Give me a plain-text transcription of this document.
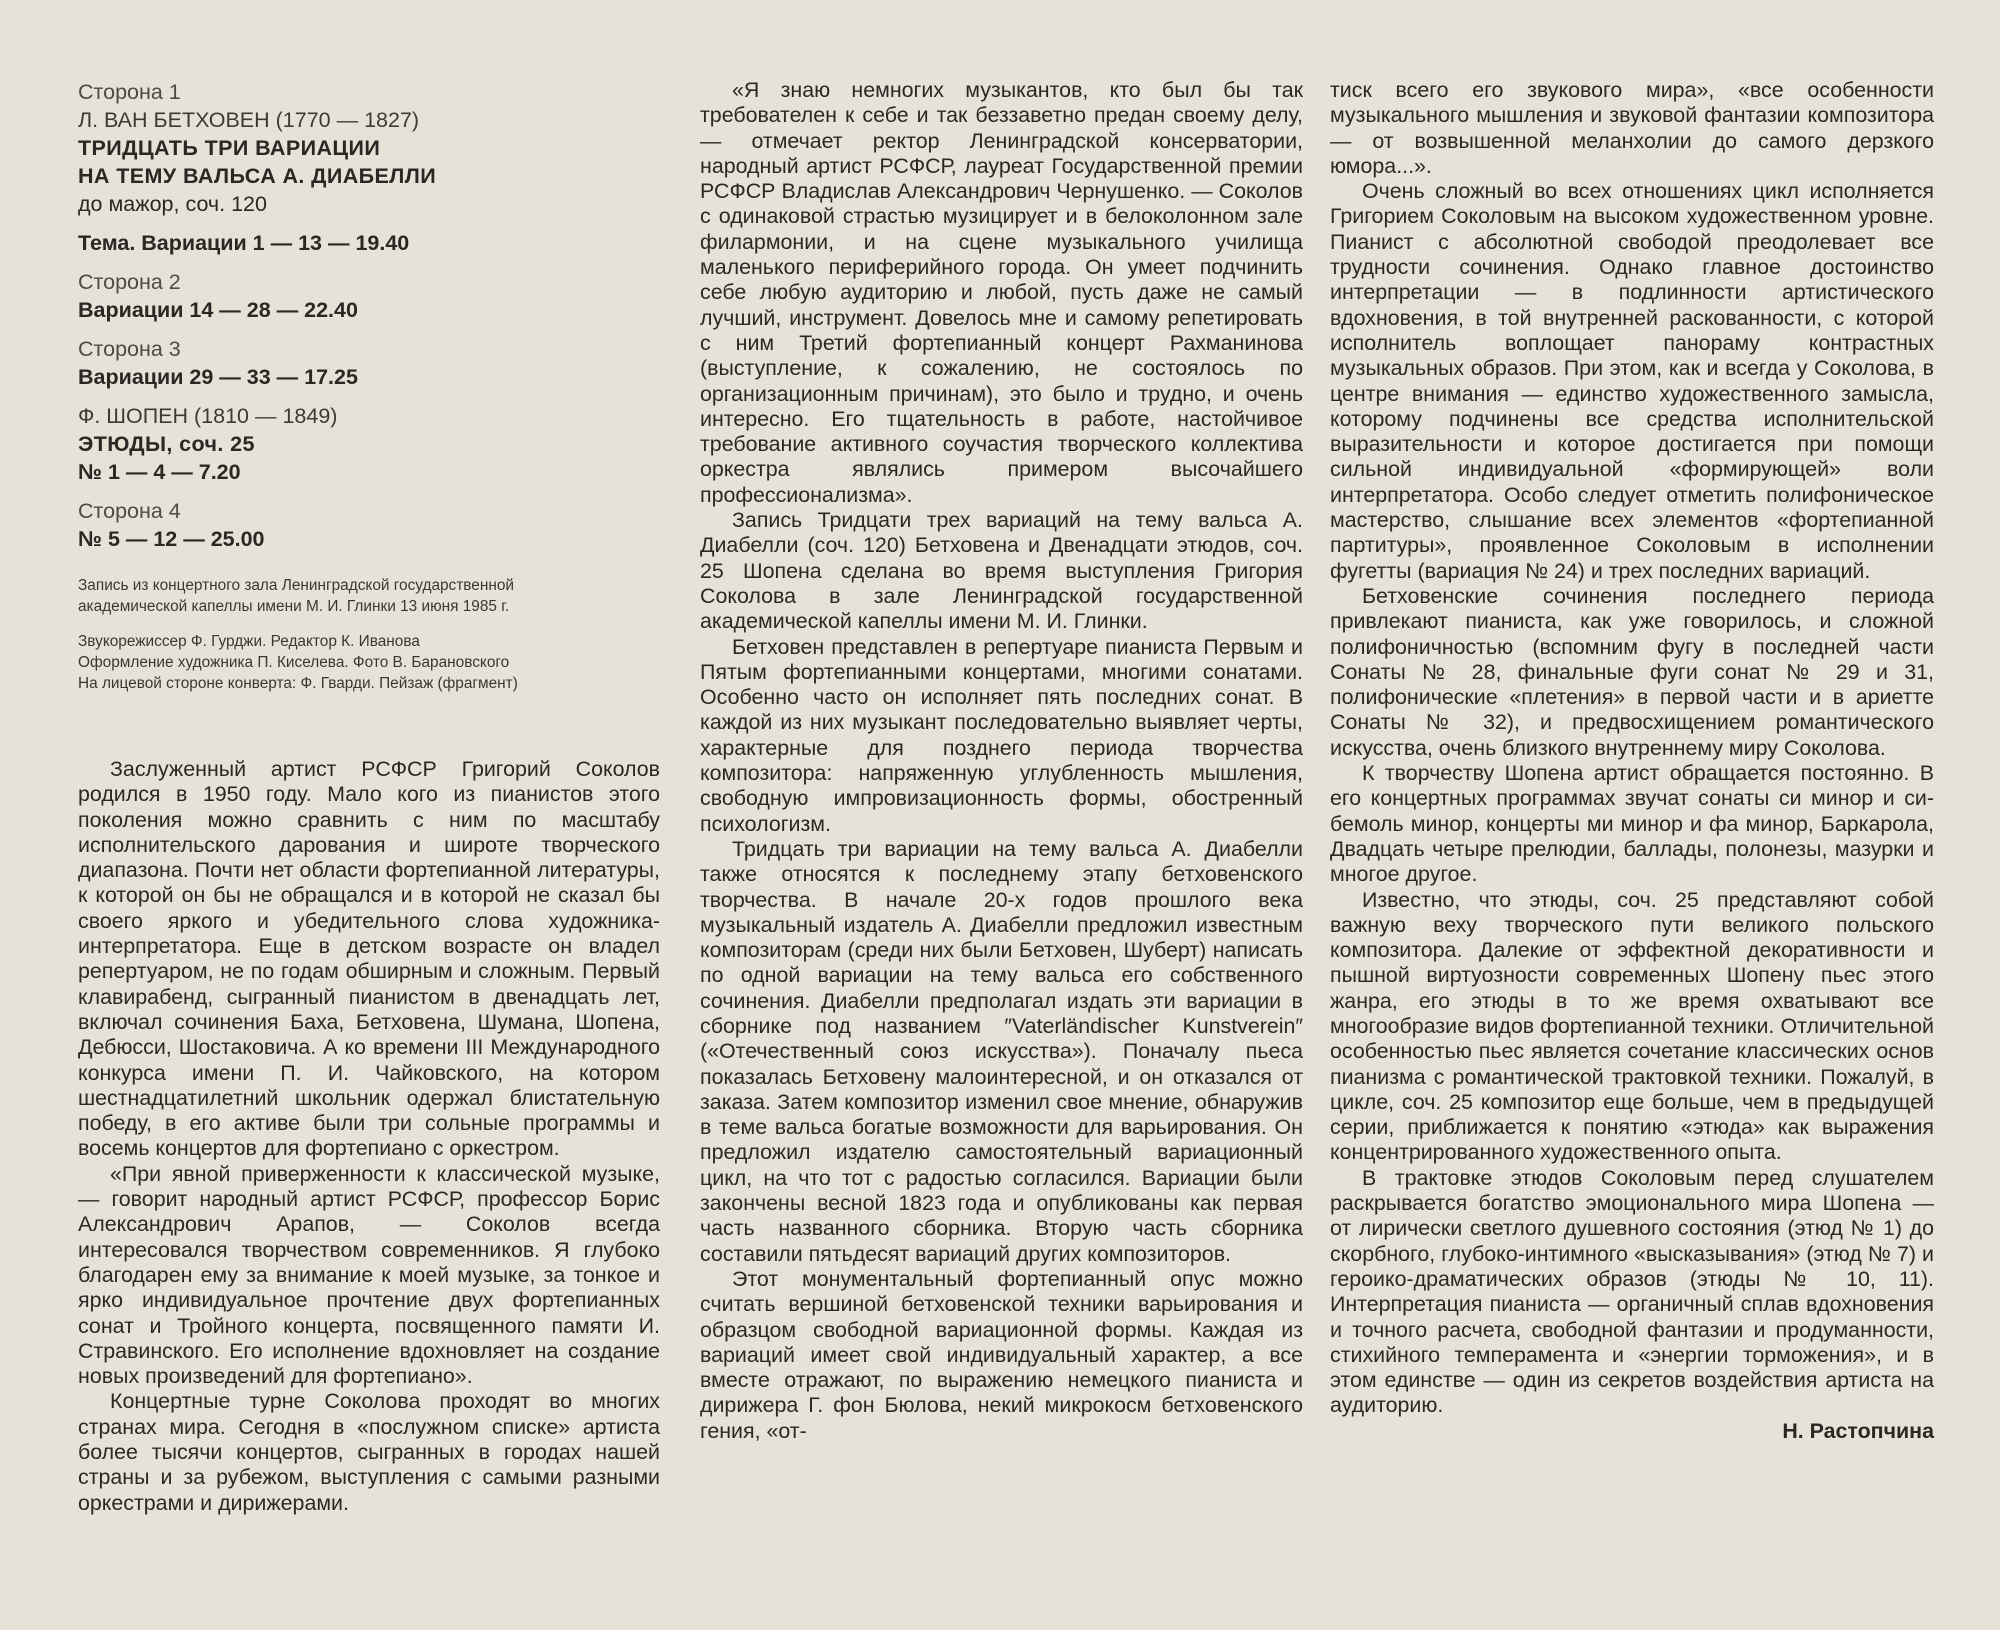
Сторона 1

Л. ВАН БЕТХОВЕН (1770 — 1827)

ТРИДЦАТЬ ТРИ ВАРИАЦИИ

НА ТЕМУ ВАЛЬСА А. ДИАБЕЛЛИ

до мажор, соч. 120

Тема. Вариации 1 — 13 — 19.40

Сторона 2

Вариации 14 — 28 — 22.40

Сторона 3

Вариации 29 — 33 — 17.25

Ф. ШОПЕН (1810 — 1849)

ЭТЮДЫ, соч. 25

№ 1 — 4 — 7.20

Сторона 4

№ 5 — 12 — 25.00

Запись из концертного зала Ленинградской государственной

академической капеллы имени М. И. Глинки 13 июня 1985 г.

Звукорежиссер Ф. Гурджи. Редактор К. Иванова

Оформление художника П. Киселева. Фото В. Барановского

На лицевой стороне конверта: Ф. Гварди. Пейзаж (фрагмент)

Заслуженный артист РСФСР Григорий Соколов родился в 1950 году. Мало кого из пианистов этого поколения можно сравнить с ним по масштабу исполнительского дарования и широте творческого диапазона. Почти нет области фортепианной литературы, к которой он бы не обращался и в которой не сказал бы своего яркого и убедительного слова художника-интерпретатора. Еще в детском возрасте он владел репертуаром, не по годам обширным и сложным. Первый клавирабенд, сыгранный пианистом в двенадцать лет, включал сочинения Баха, Бетховена, Шумана, Шопена, Дебюсси, Шостаковича. А ко времени III Международного конкурса имени П. И. Чайковского, на котором шестнадцатилетний школьник одержал блистательную победу, в его активе были три сольные программы и восемь концертов для фортепиано с оркестром.

«При явной приверженности к классической музыке, — говорит народный артист РСФСР, профессор Борис Александрович Арапов, — Соколов всегда интересовался творчеством современников. Я глубоко благодарен ему за внимание к моей музыке, за тонкое и ярко индивидуальное прочтение двух фортепианных сонат и Тройного концерта, посвященного памяти И. Стравинского. Его исполнение вдохновляет на создание новых произведений для фортепиано».

Концертные турне Соколова проходят во многих странах мира. Сегодня в «послужном списке» артиста более тысячи концертов, сыгранных в городах нашей страны и за рубежом, выступления с самыми разными оркестрами и дирижерами.

«Я знаю немногих музыкантов, кто был бы так требователен к себе и так беззаветно предан своему делу, — отмечает ректор Ленинградской консерватории, народный артист РСФСР, лауреат Государственной премии РСФСР Владислав Александрович Чернушенко. — Соколов с одинаковой страстью музицирует и в белоколонном зале филармонии, и на сцене музыкального училища маленького периферийного города. Он умеет подчинить себе любую аудиторию и любой, пусть даже не самый лучший, инструмент. Довелось мне и самому репетировать с ним Третий фортепианный концерт Рахманинова (выступление, к сожалению, не состоялось по организационным причинам), это было и трудно, и очень интересно. Его тщательность в работе, настойчивое требование активного соучастия творческого коллектива оркестра являлись примером высочайшего профессионализма».

Запись Тридцати трех вариаций на тему вальса А. Диабелли (соч. 120) Бетховена и Двенадцати этюдов, соч. 25 Шопена сделана во время выступления Григория Соколова в зале Ленинградской государственной академической капеллы имени М. И. Глинки.

Бетховен представлен в репертуаре пианиста Первым и Пятым фортепианными концертами, многими сонатами. Особенно часто он исполняет пять последних сонат. В каждой из них музыкант последовательно выявляет черты, характерные для позднего периода творчества композитора: напряженную углубленность мышления, свободную импровизационность формы, обостренный психологизм.

Тридцать три вариации на тему вальса А. Диабелли также относятся к последнему этапу бетховенского творчества. В начале 20-х годов прошлого века музыкальный издатель А. Диабелли предложил известным композиторам (среди них были Бетховен, Шуберт) написать по одной вариации на тему вальса его собственного сочинения. Диабелли предполагал издать эти вариации в сборнике под названием ″Vaterländischer Kunstverein″ («Отечественный союз искусства»). Поначалу пьеса показалась Бетховену малоинтересной, и он отказался от заказа. Затем композитор изменил свое мнение, обнаружив в теме вальса богатые возможности для варьирования. Он предложил издателю самостоятельный вариационный цикл, на что тот с радостью согласился. Вариации были закончены весной 1823 года и опубликованы как первая часть названного сборника. Вторую часть сборника составили пятьдесят вариаций других композиторов.

Этот монументальный фортепианный опус можно считать вершиной бетховенской техники варьирования и образцом свободной вариационной формы. Каждая из вариаций имеет свой индивидуальный характер, а все вместе отражают, по выражению немецкого пианиста и дирижера Г. фон Бюлова, некий микрокосм бетховенского гения, «от-

тиск всего его звукового мира», «все особенности музыкального мышления и звуковой фантазии композитора — от возвышенной меланхолии до самого дерзкого юмора...».

Очень сложный во всех отношениях цикл исполняется Григорием Соколовым на высоком художественном уровне. Пианист с абсолютной свободой преодолевает все трудности сочинения. Однако главное достоинство интерпретации — в подлинности артистического вдохновения, в той внутренней раскованности, с которой исполнитель воплощает панораму контрастных музыкальных образов. При этом, как и всегда у Соколова, в центре внимания — единство художественного замысла, которому подчинены все средства исполнительской выразительности и которое достигается при помощи сильной индивидуальной «формирующей» воли интерпретатора. Особо следует отметить полифоническое мастерство, слышание всех элементов «фортепианной партитуры», проявленное Соколовым в исполнении фугетты (вариация № 24) и трех последних вариаций.

Бетховенские сочинения последнего периода привлекают пианиста, как уже говорилось, и сложной полифоничностью (вспомним фугу в последней части Сонаты № 28, финальные фуги сонат № 29 и 31, полифонические «плетения» в первой части и в ариетте Сонаты № 32), и предвосхищением романтического искусства, очень близкого внутреннему миру Соколова.

К творчеству Шопена артист обращается постоянно. В его концертных программах звучат сонаты си минор и си-бемоль минор, концерты ми минор и фа минор, Баркарола, Двадцать четыре прелюдии, баллады, полонезы, мазурки и многое другое.

Известно, что этюды, соч. 25 представляют собой важную веху творческого пути великого польского композитора. Далекие от эффектной декоративности и пышной виртуозности современных Шопену пьес этого жанра, его этюды в то же время охватывают все многообразие видов фортепианной техники. Отличительной особенностью пьес является сочетание классических основ пианизма с романтической трактовкой техники. Пожалуй, в цикле, соч. 25 композитор еще больше, чем в предыдущей серии, приближается к понятию «этюда» как выражения концентрированного художественного опыта.

В трактовке этюдов Соколовым перед слушателем раскрывается богатство эмоционального мира Шопена — от лирически светлого душевного состояния (этюд № 1) до скорбного, глубоко-интимного «высказывания» (этюд № 7) и героико-драматических образов (этюды № 10, 11). Интерпретация пианиста — органичный сплав вдохновения и точного расчета, свободной фантазии и продуманности, стихийного темперамента и «энергии торможения», и в этом единстве — один из секретов воздействия артиста на аудиторию.

Н. Растопчина
